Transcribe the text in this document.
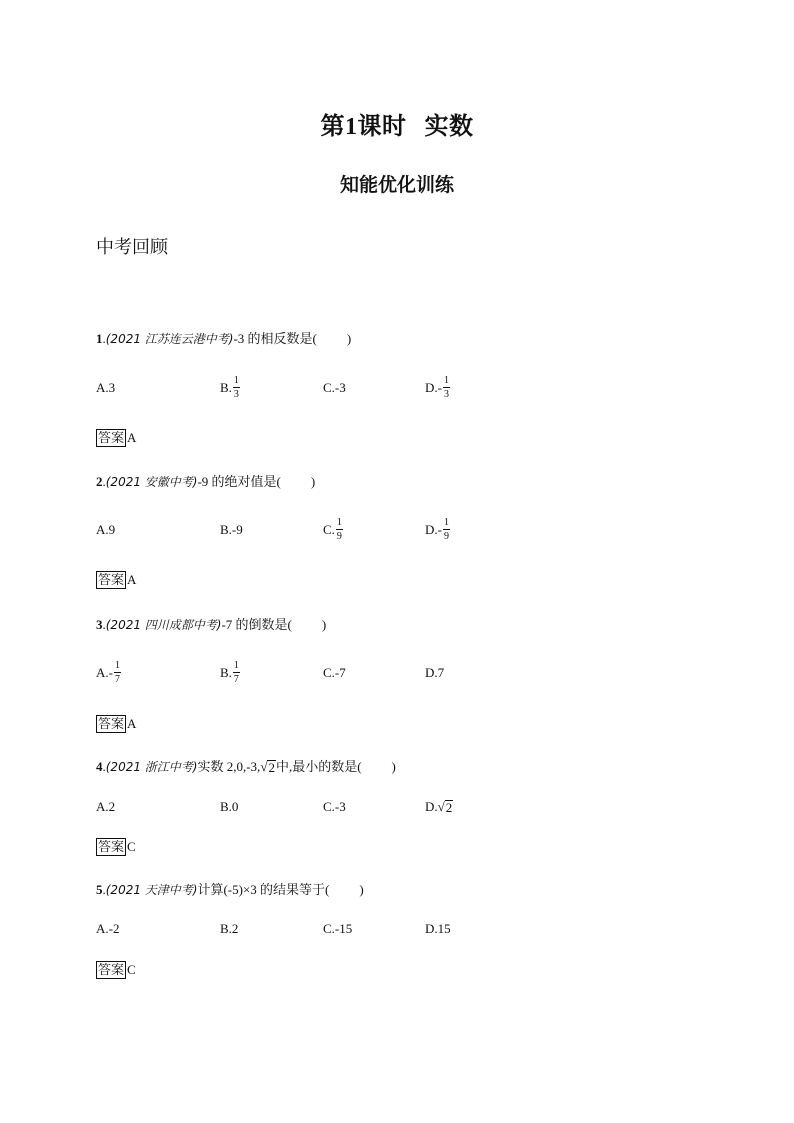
第1课时 实数
知能优化训练
中考回顾
1.(2021 江苏连云港中考)-3 的相反数是( )
A. 3	B. $\frac{1}{3}$	C. -3	$D.- \frac{1}{3}$
答案 A
2.(2021 安徽中考)-9 的绝对值是( )
A. 9	B. -9	C. $\frac{1}{9}$	$D.- \frac{1}{9}$
答案 A
3.(2021 四川成都中考)-7 的倒数是( )
$A.- \frac{1}{7}$	B. $\frac{1}{7}$	C. -7	D. 7
答案 A
4.(2021 浙江中考)实数 2,0,-3, √ 2 中,最小的数是( )
A. 2	B. 0	C. -3	D. √ 2
答案 C
5.(2021 天津中考)计算(-5)×3 的结果等于( )
A. -2	B. 2	C. -15	D. 15
答案 C
